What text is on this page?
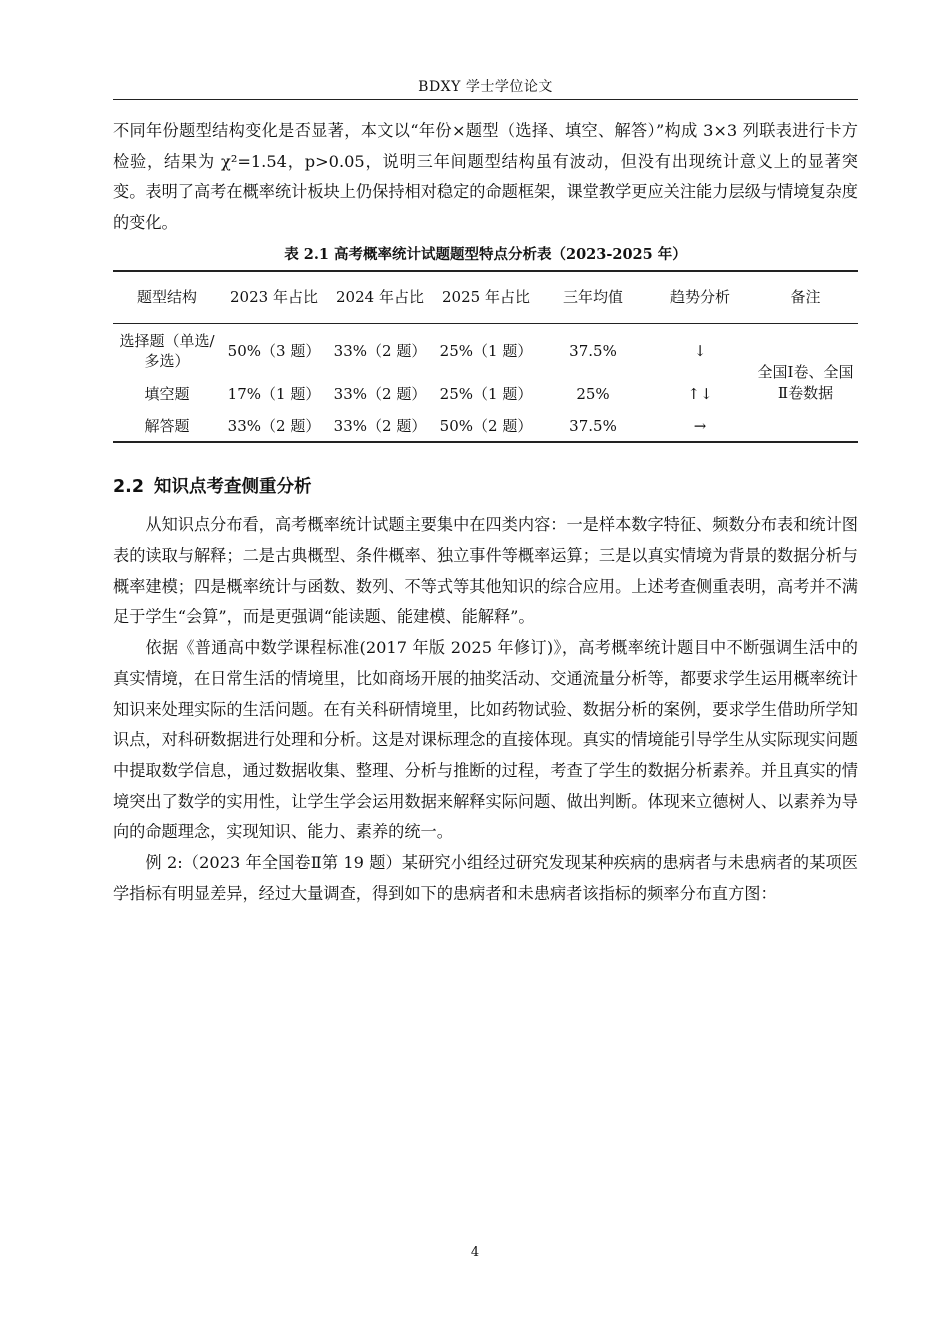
BDXY 学士学位论文

不同年份题型结构变化是否显著，本文以“年份×题型（选择、填空、解答）”构成 3×3 列联表进行卡方检验，结果为 χ²=1.54，p>0.05，说明三年间题型结构虽有波动，但没有出现统计意义上的显著突变。表明了高考在概率统计板块上仍保持相对稳定的命题框架，课堂教学更应关注能力层级与情境复杂度的变化。

表 2.1 高考概率统计试题题型特点分析表（2023-2025 年）
题型结构	2023 年占比	2024 年占比	2025 年占比	三年均值	趋势分析	备注
选择题（单选/多选）	50%（3 题）	33%（2 题）	25%（1 题）	37.5%	↓	全国Ⅰ卷、全国Ⅱ卷数据
填空题	17%（1 题）	33%（2 题）	25%（1 题）	25%	↑↓	
解答题	33%（2 题）	33%（2 题）	50%（2 题）	37.5%	→	
2.2 知识点考查侧重分析

从知识点分布看，高考概率统计试题主要集中在四类内容：一是样本数字特征、频数分布表和统计图表的读取与解释；二是古典概型、条件概率、独立事件等概率运算；三是以真实情境为背景的数据分析与概率建模；四是概率统计与函数、数列、不等式等其他知识的综合应用。上述考查侧重表明，高考并不满足于学生“会算”，而是更强调“能读题、能建模、能解释”。

依据《普通高中数学课程标准(2017 年版 2025 年修订)》，高考概率统计题目中不断强调生活中的真实情境，在日常生活的情境里，比如商场开展的抽奖活动、交通流量分析等，都要求学生运用概率统计知识来处理实际的生活问题。在有关科研情境里，比如药物试验、数据分析的案例，要求学生借助所学知识点，对科研数据进行处理和分析。这是对课标理念的直接体现。真实的情境能引导学生从实际现实问题中提取数学信息，通过数据收集、整理、分析与推断的过程，考查了学生的数据分析素养。并且真实的情境突出了数学的实用性，让学生学会运用数据来解释实际问题、做出判断。体现来立德树人、以素养为导向的命题理念，实现知识、能力、素养的统一。

例 2:（2023 年全国卷Ⅱ第 19 题）某研究小组经过研究发现某种疾病的患病者与未患病者的某项医学指标有明显差异，经过大量调查，得到如下的患病者和未患病者该指标的频率分布直方图：

4
